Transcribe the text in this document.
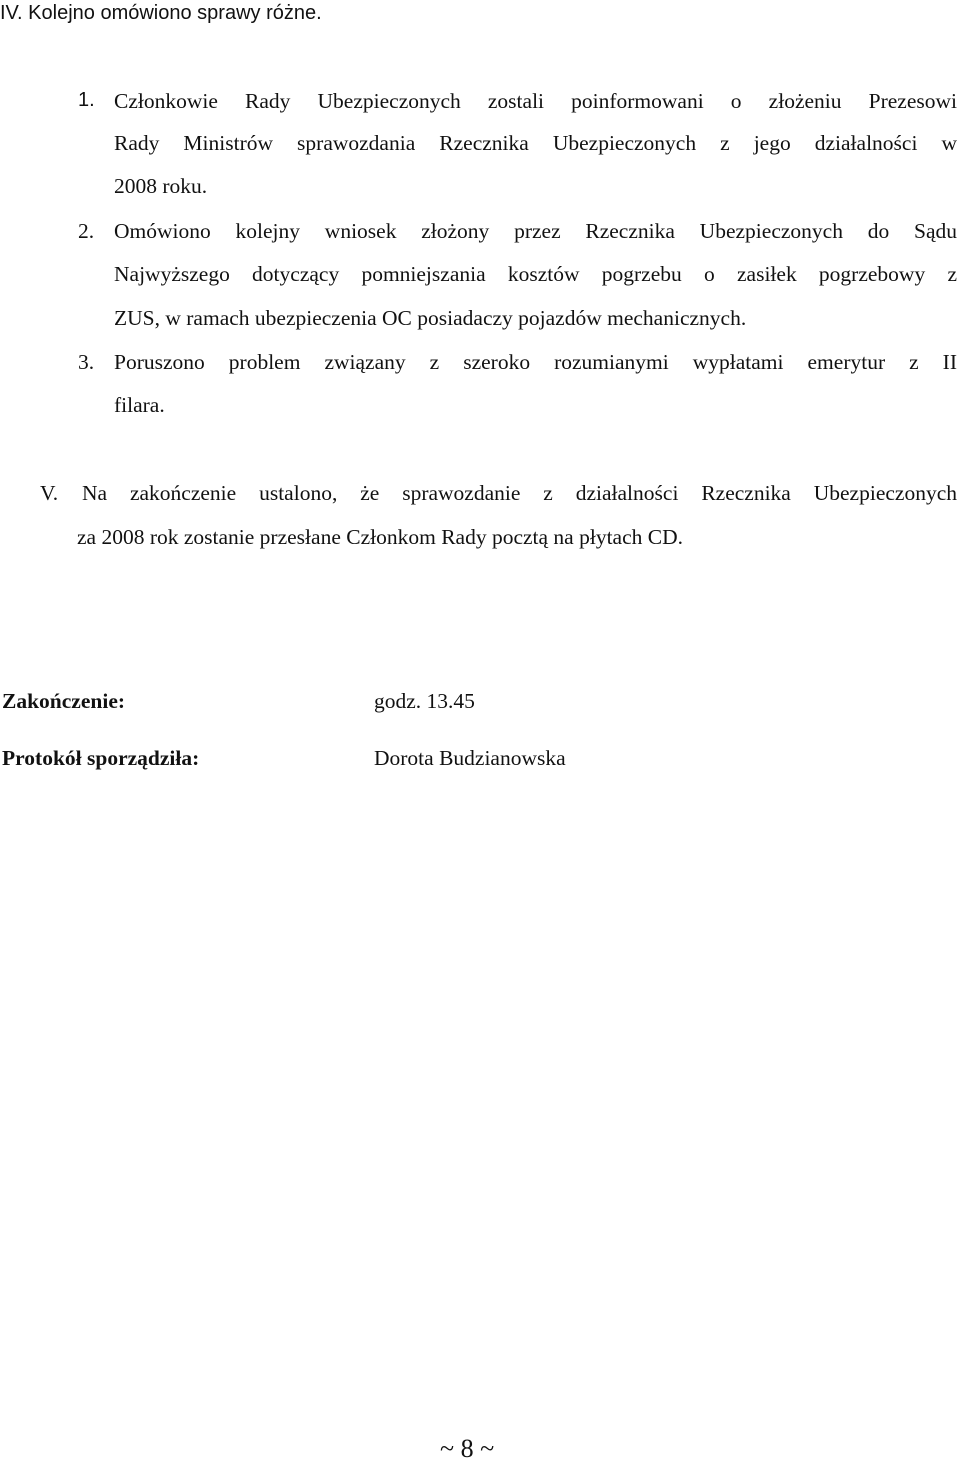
IV. Kolejno omówiono sprawy różne.
1. Członkowie Rady Ubezpieczonych zostali poinformowani o złożeniu Prezesowi
Rady Ministrów sprawozdania Rzecznika Ubezpieczonych z jego działalności w
2008 roku.
2. Omówiono kolejny wniosek złożony przez Rzecznika Ubezpieczonych do Sądu
Najwyższego dotyczący pomniejszania kosztów pogrzebu o zasiłek pogrzebowy z
ZUS, w ramach ubezpieczenia OC posiadaczy pojazdów mechanicznych.
3. Poruszono problem związany z szeroko rozumianymi wypłatami emerytur z II
filara.
V. Na zakończenie ustalono, że sprawozdanie z działalności Rzecznika Ubezpieczonych
za 2008 rok zostanie przesłane Członkom Rady pocztą na płytach CD.
Zakończenie:	godz. 13.45
Protokół sporządziła:	Dorota Budzianowska
~ 8 ~
